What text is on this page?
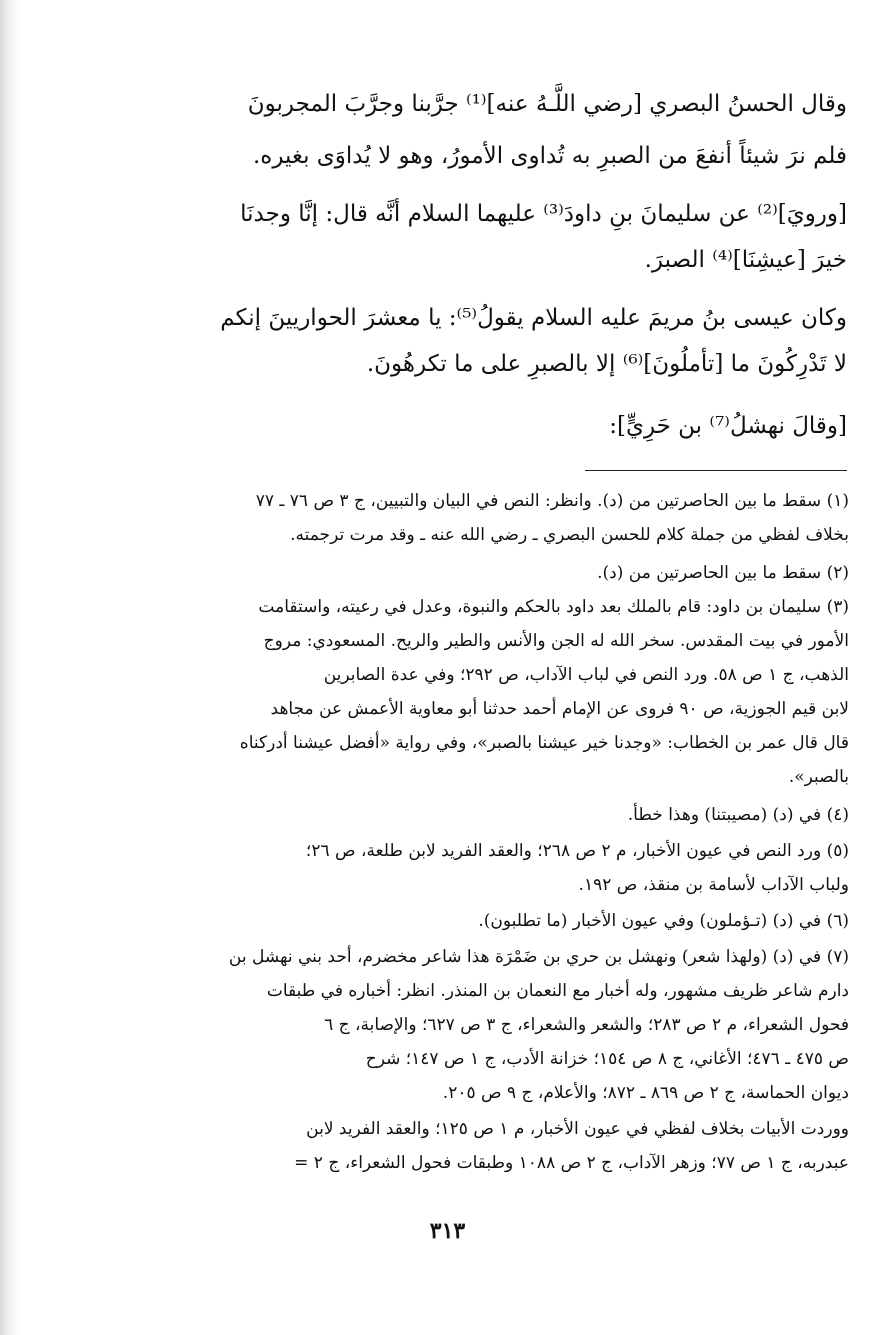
وقال الحسنُ البصري [رضي اللَّـهُ عنه]⁽¹⁾ جرَّبنا وجرَّبَ المجربونَ
فلم نرَ شيئاً أنفعَ من الصبرِ به تُداوى الأمورُ، وهو لا يُداوَى بغيره.
[ورويَ]⁽²⁾ عن سليمانَ بنِ داودَ⁽³⁾ عليهما السلام أنَّه قال: إنَّا وجدنَا
خيرَ [عيشِنَا]⁽⁴⁾ الصبرَ.
وكان عيسى بنُ مريمَ عليه السلام يقولُ⁽⁵⁾: يا معشرَ الحواريينَ إنكم
لا تَدْرِكُونَ ما [تأملُونَ]⁽⁶⁾ إلا بالصبرِ على ما تكرهُونَ.
[وقالَ نهشلُ⁽⁷⁾ بن حَرِيٍّ]:
(١) سقط ما بين الحاصرتين من (د). وانظر: النص في البيان والتبيين، ج ٣ ص ٧٦ ـ ٧٧
بخلاف لفظي من جملة كلام للحسن البصري ـ رضي الله عنه ـ وقد مرت ترجمته.
(٢) سقط ما بين الحاصرتين من (د).
(٣) سليمان بن داود: قام بالملك بعد داود بالحكم والنبوة، وعدل في رعيته، واستقامت
الأمور في بيت المقدس. سخر الله له الجن والأنس والطير والريح. المسعودي: مروج
الذهب، ج ١ ص ٥٨. ورد النص في لباب الآداب، ص ٢٩٢؛ وفي عدة الصابرين
لابن قيم الجوزية، ص ٩٠ فروى عن الإمام أحمد حدثنا أبو معاوية الأعمش عن مجاهد
قال قال عمر بن الخطاب: «وجدنا خير عيشنا بالصبر»، وفي رواية «أفضل عيشنا أدركناه
بالصبر».
(٤) في (د) (مصيبتنا) وهذا خطأ.
(٥) ورد النص في عيون الأخبار، م ٢ ص ٢٦٨؛ والعقد الفريد لابن طلعة، ص ٢٦؛
ولباب الآداب لأسامة بن منقذ، ص ١٩٢.
(٦) في (د) (تـؤملون) وفي عيون الأخبار (ما تطلبون).
(٧) في (د) (ولهذا شعر) ونهشل بن حري بن ضَمْرَة هذا شاعر مخضرم، أحد بني نهشل بن
دارم شاعر ظريف مشهور، وله أخبار مع النعمان بن المنذر. انظر: أخباره في طبقات
فحول الشعراء، م ٢ ص ٢٨٣؛ والشعر والشعراء، ج ٣ ص ٦٢٧؛ والإصابة، ج ٦
ص ٤٧٥ ـ ٤٧٦؛ الأغاني، ج ٨ ص ١٥٤؛ خزانة الأدب، ج ١ ص ١٤٧؛ شرح
ديوان الحماسة، ج ٢ ص ٨٦٩ ـ ٨٧٢؛ والأعلام، ج ٩ ص ٢٠٥.
ووردت الأبيات بخلاف لفظي في عيون الأخبار، م ١ ص ١٢٥؛ والعقد الفريد لابن
عبدربه، ج ١ ص ٧٧؛ وزهر الآداب، ج ٢ ص ١٠٨٨ وطبقات فحول الشعراء، ج ٢ =
٣١٣
